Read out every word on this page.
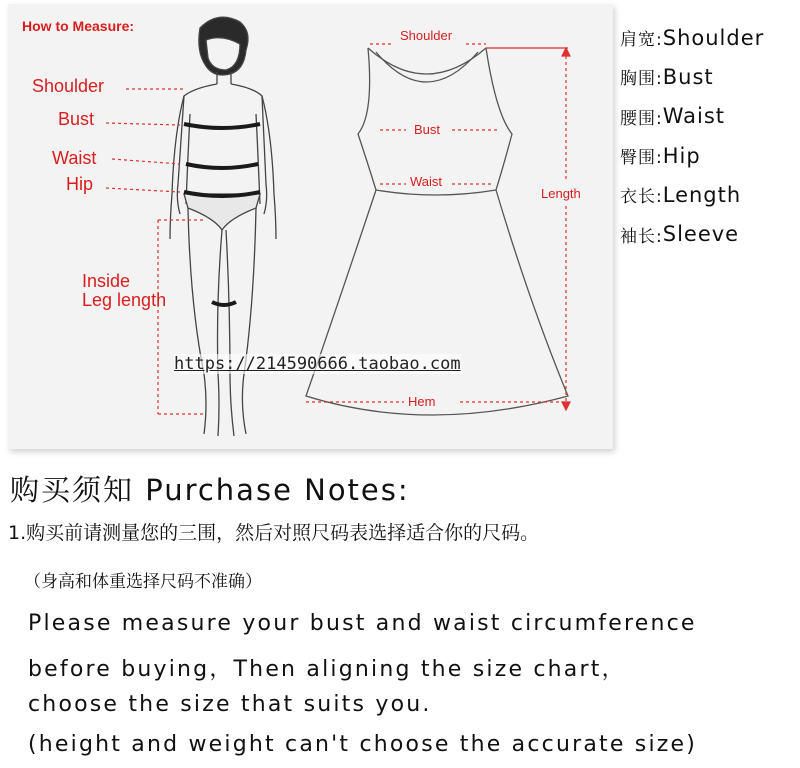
How to Measure:
Shoulder
Bust
Waist
Hip
Inside
Leg length
Shoulder
Bust
Waist
Length
Hem
https://214590666.taobao.com
肩宽: Shoulder
胸围: Bust
腰围: Waist
臀围: Hip
衣长: Length
袖长: Sleeve
购买须知 Purchase Notes:
1.购买前请测量您的三围，然后对照尺码表选择适合你的尺码。
（身高和体重选择尺码不准确）
Please measure your bust and waist circumference
before buying，Then aligning the size chart，
choose the size that suits you.
(height and weight can't choose the accurate size)
